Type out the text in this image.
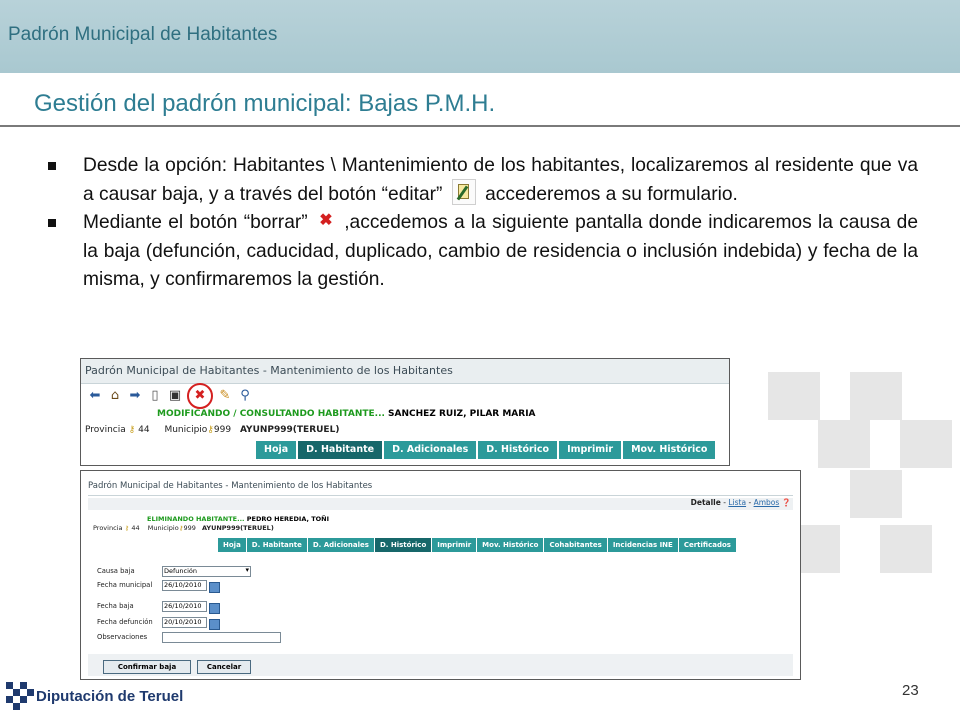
Padrón Municipal de Habitantes
Gestión del padrón municipal: Bajas P.M.H.
Desde la opción: Habitantes \ Mantenimiento de los habitantes, localizaremos al residente que va a causar baja, y a través del botón “editar” accederemos a su formulario.
Mediante el botón “borrar” ✖ ,accedemos a la siguiente pantalla donde indicaremos la causa de la baja (defunción, caducidad, duplicado, cambio de residencia o inclusión indebida) y fecha de la misma, y confirmaremos la gestión.
Padrón Municipal de Habitantes - Mantenimiento de los Habitantes
⬅ ⌂ ➡ ▯ ▣ ✖ ✎ ⚲
MODIFICANDO / CONSULTANDO HABITANTE... SANCHEZ RUIZ, PILAR MARIA
Provincia ⚷ 44 Municipio⚷999 AYUNP999(TERUEL)
Hoja	D. Habitante	D. Adicionales	D. Histórico	Imprimir	Mov. Histórico
Padrón Municipal de Habitantes - Mantenimiento de los Habitantes
Detalle - Lista - Ambos ❓
ELIMINANDO HABITANTE... PEDRO HEREDIA, TOÑI
Provincia ⚷ 44 Municipio⚷999 AYUNP999(TERUEL)
Hoja	D. Habitante	D. Adicionales	D. Histórico	Imprimir	Mov. Histórico	Cohabitantes	Incidencias INE	Certificados
Causa baja	Defunción ▾
Fecha municipal	26/10/2010
Fecha baja	26/10/2010
Fecha defunción	20/10/2010
Observaciones
Confirmar baja	Cancelar
Diputación de Teruel	23
